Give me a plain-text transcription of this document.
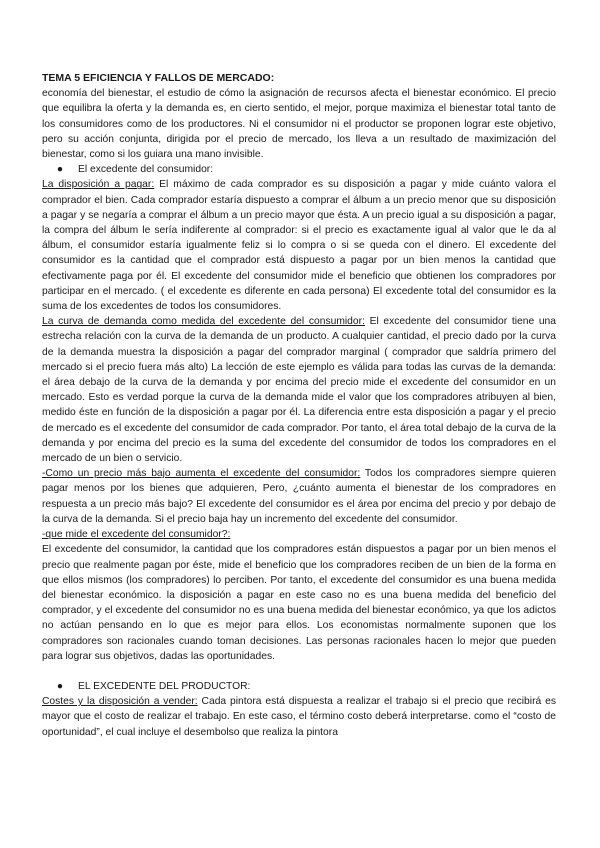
TEMA 5 EFICIENCIA Y FALLOS DE MERCADO:

economía del bienestar, el estudio de cómo la asignación de recursos afecta el bienestar económico. El precio que equilibra la oferta y la demanda es, en cierto sentido, el mejor, porque maximiza el bienestar total tanto de los consumidores como de los productores. Ni el consumidor ni el productor se proponen lograr este objetivo, pero su acción conjunta, dirigida por el precio de mercado, los lleva a un resultado de maximización del bienestar, como si los guiara una mano invisible.

●	El excedente del consumidor:

La disposición a pagar: El máximo de cada comprador es su disposición a pagar y mide cuánto valora el comprador el bien. Cada comprador estaría dispuesto a comprar el álbum a un precio menor que su disposición a pagar y se negaría a comprar el álbum a un precio mayor que ésta. A un precio igual a su disposición a pagar, la compra del álbum le sería indiferente al comprador: si el precio es exactamente igual al valor que le da al álbum, el consumidor estaría igualmente feliz si lo compra o si se queda con el dinero. El excedente del consumidor es la cantidad que el comprador está dispuesto a pagar por un bien menos la cantidad que efectivamente paga por él. El excedente del consumidor mide el beneficio que obtienen los compradores por participar en el mercado. ( el excedente es diferente en cada persona) El excedente total del consumidor es la suma de los excedentes de todos los consumidores.

La curva de demanda como medida del excedente del consumidor: El excedente del consumidor tiene una estrecha relación con la curva de la demanda de un producto. A cualquier cantidad, el precio dado por la curva de la demanda muestra la disposición a pagar del comprador marginal ( comprador que saldría primero del mercado si el precio fuera más alto) La lección de este ejemplo es válida para todas las curvas de la demanda: el área debajo de la curva de la demanda y por encima del precio mide el excedente del consumidor en un mercado. Esto es verdad porque la curva de la demanda mide el valor que los compradores atribuyen al bien, medido éste en función de la disposición a pagar por él. La diferencia entre esta disposición a pagar y el precio de mercado es el excedente del consumidor de cada comprador. Por tanto, el área total debajo de la curva de la demanda y por encima del precio es la suma del excedente del consumidor de todos los compradores en el mercado de un bien o servicio.

-Como un precio más bajo aumenta el excedente del consumidor: Todos los compradores siempre quieren pagar menos por los bienes que adquieren, Pero, ¿cuánto aumenta el bienestar de los compradores en respuesta a un precio más bajo? El excedente del consumidor es el área por encima del precio y por debajo de la curva de la demanda. Si el precio baja hay un incremento del excedente del consumidor.

-que mide el excedente del consumidor?:

El excedente del consumidor, la cantidad que los compradores están dispuestos a pagar por un bien menos el precio que realmente pagan por éste, mide el beneficio que los compradores reciben de un bien de la forma en que ellos mismos (los compradores) lo perciben. Por tanto, el excedente del consumidor es una buena medida del bienestar económico. la disposición a pagar en este caso no es una buena medida del beneficio del comprador, y el excedente del consumidor no es una buena medida del bienestar económico, ya que los adictos no actúan pensando en lo que es mejor para ellos. Los economistas normalmente suponen que los compradores son racionales cuando toman decisiones. Las personas racionales hacen lo mejor que pueden para lograr sus objetivos, dadas las oportunidades.

●	EL EXCEDENTE DEL PRODUCTOR:

Costes y la disposición a vender: Cada pintora está dispuesta a realizar el trabajo si el precio que recibirá es mayor que el costo de realizar el trabajo. En este caso, el término costo deberá interpretarse. como el “costo de oportunidad”, el cual incluye el desembolso que realiza la pintora
